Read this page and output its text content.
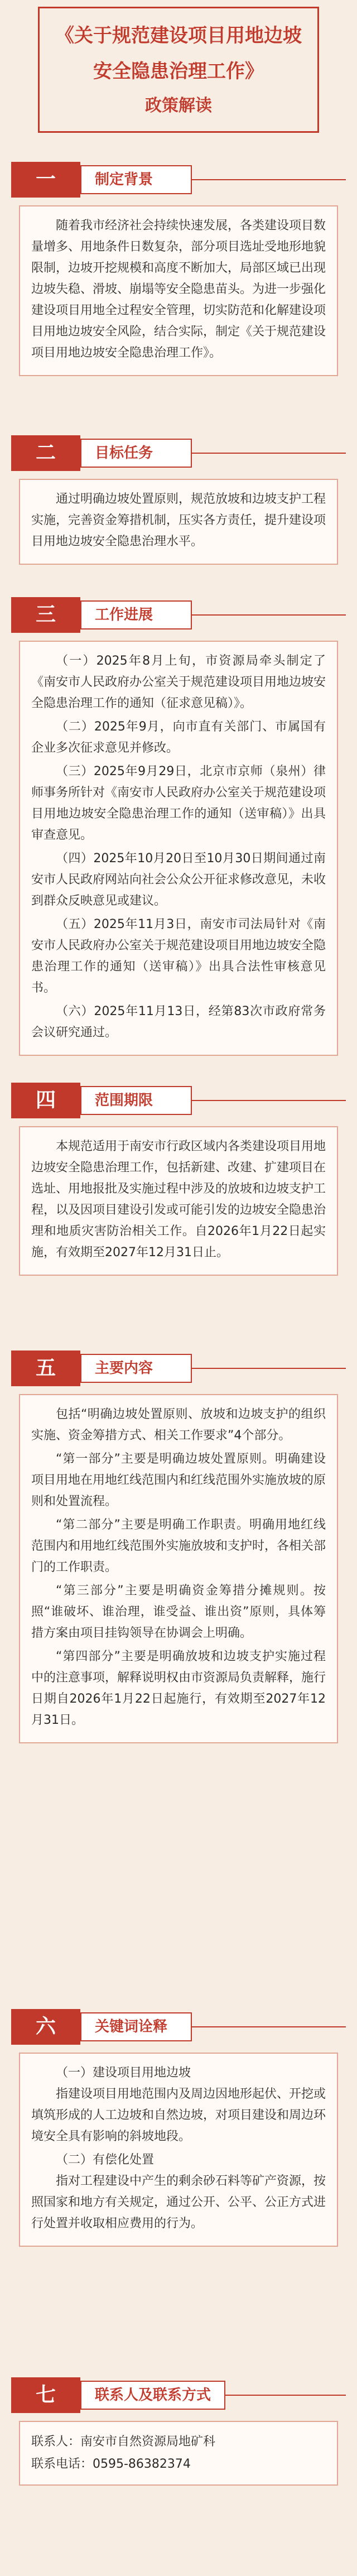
《关于规范建设项目用地边坡
安全隐患治理工作》
政策解读
一	制定背景

随着我市经济社会持续快速发展，各类建设项目数量增多、用地条件日数复杂，部分项目选址受地形地貌限制，边坡开挖规模和高度不断加大，局部区域已出现边坡失稳、滑坡、崩塌等安全隐患苗头。为进一步强化建设项目用地全过程安全管理，切实防范和化解建设项目用地边坡安全风险，结合实际，制定《关于规范建设项目用地边坡安全隐患治理工作》。

二	目标任务

通过明确边坡处置原则，规范放坡和边坡支护工程实施，完善资金筹措机制，压实各方责任，提升建设项目用地边坡安全隐患治理水平。

三	工作进展

（一）2025年8月上旬，市资源局牵头制定了《南安市人民政府办公室关于规范建设项目用地边坡安全隐患治理工作的通知（征求意见稿）》。

（二）2025年9月，向市直有关部门、市属国有企业多次征求意见并修改。

（三）2025年9月29日，北京市京师（泉州）律师事务所针对《南安市人民政府办公室关于规范建设项目用地边坡安全隐患治理工作的通知（送审稿）》出具审查意见。

（四）2025年10月20日至10月30日期间通过南安市人民政府网站向社会公众公开征求修改意见，未收到群众反映意见或建议。

（五）2025年11月3日，南安市司法局针对《南安市人民政府办公室关于规范建设项目用地边坡安全隐患治理工作的通知（送审稿）》出具合法性审核意见书。

（六）2025年11月13日，经第83次市政府常务会议研究通过。

四	范围期限

本规范适用于南安市行政区域内各类建设项目用地边坡安全隐患治理工作，包括新建、改建、扩建项目在选址、用地报批及实施过程中涉及的放坡和边坡支护工程，以及因项目建设引发或可能引发的边坡安全隐患治理和地质灾害防治相关工作。自2026年1月22日起实施，有效期至2027年12月31日止。

五	主要内容

包括“明确边坡处置原则、放坡和边坡支护的组织实施、资金筹措方式、相关工作要求”4个部分。

“第一部分”主要是明确边坡处置原则。明确建设项目用地在用地红线范围内和红线范围外实施放坡的原则和处置流程。

“第二部分”主要是明确工作职责。明确用地红线范围内和用地红线范围外实施放坡和支护时，各相关部门的工作职责。

“第三部分”主要是明确资金筹措分摊规则。按照“谁破坏、谁治理，谁受益、谁出资”原则，具体筹措方案由项目挂钩领导在协调会上明确。

“第四部分”主要是明确放坡和边坡支护实施过程中的注意事项，解释说明权由市资源局负责解释，施行日期自2026年1月22日起施行，有效期至2027年12月31日。

六	关键词诠释

（一）建设项目用地边坡

指建设项目用地范围内及周边因地形起伏、开挖或填筑形成的人工边坡和自然边坡，对项目建设和周边环境安全具有影响的斜坡地段。

（二）有偿化处置

指对工程建设中产生的剩余砂石料等矿产资源，按照国家和地方有关规定，通过公开、公平、公正方式进行处置并收取相应费用的行为。

七	联系人及联系方式

联系人：南安市自然资源局地矿科

联系电话：0595-86382374
